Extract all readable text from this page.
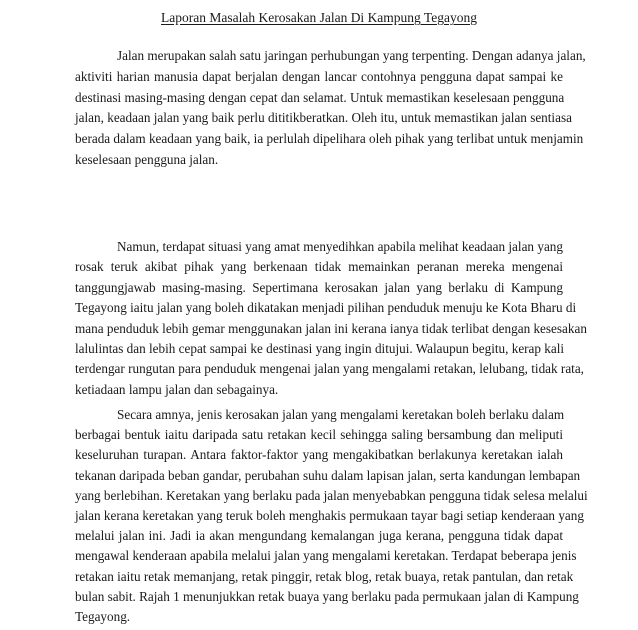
Laporan Masalah Kerosakan Jalan Di Kampung Tegayong
Jalan merupakan salah satu jaringan perhubungan yang terpenting. Dengan adanya jalan,
aktiviti harian manusia dapat berjalan dengan lancar contohnya pengguna dapat sampai ke
destinasi masing-masing dengan cepat dan selamat. Untuk memastikan keselesaan pengguna
jalan, keadaan jalan yang baik perlu dititikberatkan. Oleh itu, untuk memastikan jalan sentiasa
berada dalam keadaan yang baik, ia perlulah dipelihara oleh pihak yang terlibat untuk menjamin
keselesaan pengguna jalan.
Namun, terdapat situasi yang amat menyedihkan apabila melihat keadaan jalan yang
rosak teruk akibat pihak yang berkenaan tidak memainkan peranan mereka mengenai
tanggungjawab masing-masing. Sepertimana kerosakan jalan yang berlaku di Kampung
Tegayong iaitu jalan yang boleh dikatakan menjadi pilihan penduduk menuju ke Kota Bharu di
mana penduduk lebih gemar menggunakan jalan ini kerana ianya tidak terlibat dengan kesesakan
lalulintas dan lebih cepat sampai ke destinasi yang ingin ditujui. Walaupun begitu, kerap kali
terdengar rungutan para penduduk mengenai jalan yang mengalami retakan, lelubang, tidak rata,
ketiadaan lampu jalan dan sebagainya.
Secara amnya, jenis kerosakan jalan yang mengalami keretakan boleh berlaku dalam
berbagai bentuk iaitu daripada satu retakan kecil sehingga saling bersambung dan meliputi
keseluruhan turapan. Antara faktor-faktor yang mengakibatkan berlakunya keretakan ialah
tekanan daripada beban gandar, perubahan suhu dalam lapisan jalan, serta kandungan lembapan
yang berlebihan. Keretakan yang berlaku pada jalan menyebabkan pengguna tidak selesa melalui
jalan kerana keretakan yang teruk boleh menghakis permukaan tayar bagi setiap kenderaan yang
melalui jalan ini. Jadi ia akan mengundang kemalangan juga kerana, pengguna tidak dapat
mengawal kenderaan apabila melalui jalan yang mengalami keretakan. Terdapat beberapa jenis
retakan iaitu retak memanjang, retak pinggir, retak blog, retak buaya, retak pantulan, dan retak
bulan sabit. Rajah 1 menunjukkan retak buaya yang berlaku pada permukaan jalan di Kampung
Tegayong.
